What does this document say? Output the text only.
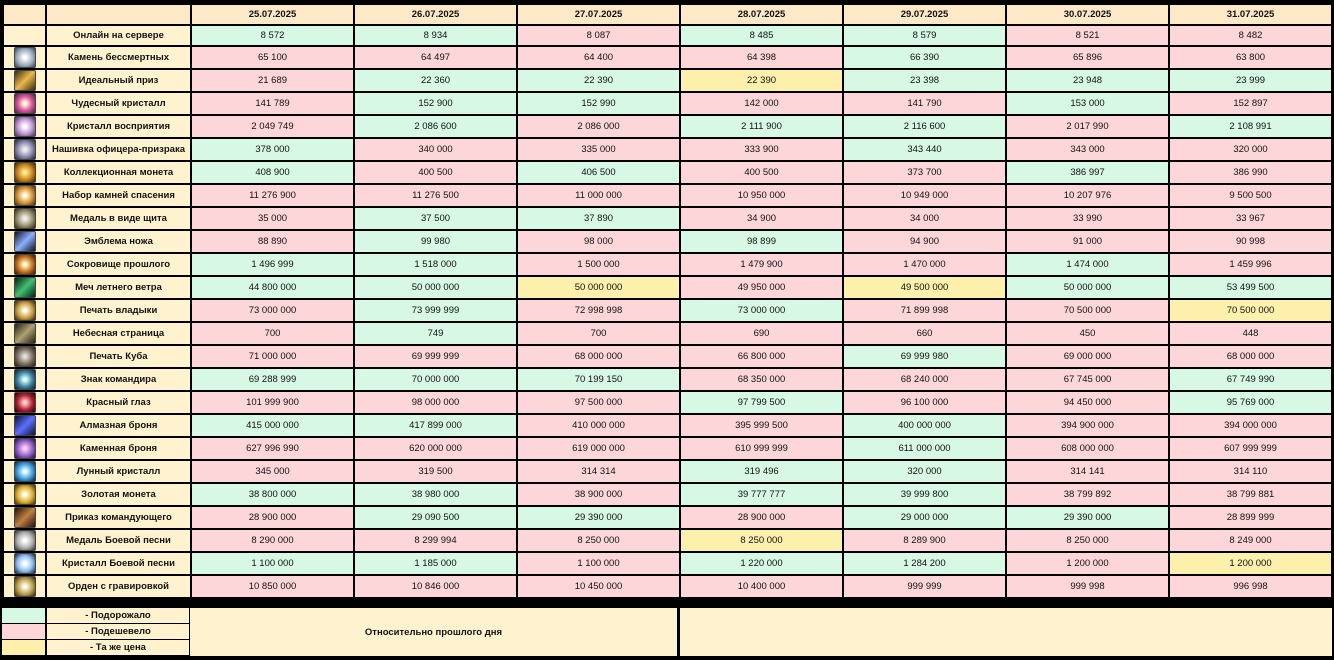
		25.07.2025	26.07.2025	27.07.2025	28.07.2025	29.07.2025	30.07.2025	31.07.2025
	Онлайн на сервере	8 572	8 934	8 087	8 485	8 579	8 521	8 482

	Камень бессмертных	65 100	64 497	64 400	64 398	66 390	65 896	63 800

	Идеальный приз	21 689	22 360	22 390	22 390	23 398	23 948	23 999

	Чудесный кристалл	141 789	152 900	152 990	142 000	141 790	153 000	152 897

	Кристалл восприятия	2 049 749	2 086 600	2 086 000	2 111 900	2 116 600	2 017 990	2 108 991

	Нашивка офицера-призрака	378 000	340 000	335 000	333 900	343 440	343 000	320 000

	Коллекционная монета	408 900	400 500	406 500	400 500	373 700	386 997	386 990

	Набор камней спасения	11 276 900	11 276 500	11 000 000	10 950 000	10 949 000	10 207 976	9 500 500

	Медаль в виде щита	35 000	37 500	37 890	34 900	34 000	33 990	33 967

	Эмблема ножа	88 890	99 980	98 000	98 899	94 900	91 000	90 998

	Сокровище прошлого	1 496 999	1 518 000	1 500 000	1 479 900	1 470 000	1 474 000	1 459 996

	Меч летнего ветра	44 800 000	50 000 000	50 000 000	49 950 000	49 500 000	50 000 000	53 499 500

	Печать владыки	73 000 000	73 999 999	72 998 998	73 000 000	71 899 998	70 500 000	70 500 000

	Небесная страница	700	749	700	690	660	450	448

	Печать Куба	71 000 000	69 999 999	68 000 000	66 800 000	69 999 980	69 000 000	68 000 000

	Знак командира	69 288 999	70 000 000	70 199 150	68 350 000	68 240 000	67 745 000	67 749 990

	Красный глаз	101 999 900	98 000 000	97 500 000	97 799 500	96 100 000	94 450 000	95 769 000

	Алмазная броня	415 000 000	417 899 000	410 000 000	395 999 500	400 000 000	394 900 000	394 000 000

	Каменная броня	627 996 990	620 000 000	619 000 000	610 999 999	611 000 000	608 000 000	607 999 999

	Лунный кристалл	345 000	319 500	314 314	319 496	320 000	314 141	314 110

	Золотая монета	38 800 000	38 980 000	38 900 000	39 777 777	39 999 800	38 799 892	38 799 881

	Приказ командующего	28 900 000	29 090 500	29 390 000	28 900 000	29 000 000	29 390 000	28 899 999

	Медаль Боевой песни	8 290 000	8 299 994	8 250 000	8 250 000	8 289 900	8 250 000	8 249 000

	Кристалл Боевой песни	1 100 000	1 185 000	1 100 000	1 220 000	1 284 200	1 200 000	1 200 000

	Орден с гравировкой	10 850 000	10 846 000	10 450 000	10 400 000	999 999	999 998	996 998
- Подорожало
- Подешевело
- Та же цена
Относительно прошлого дня
